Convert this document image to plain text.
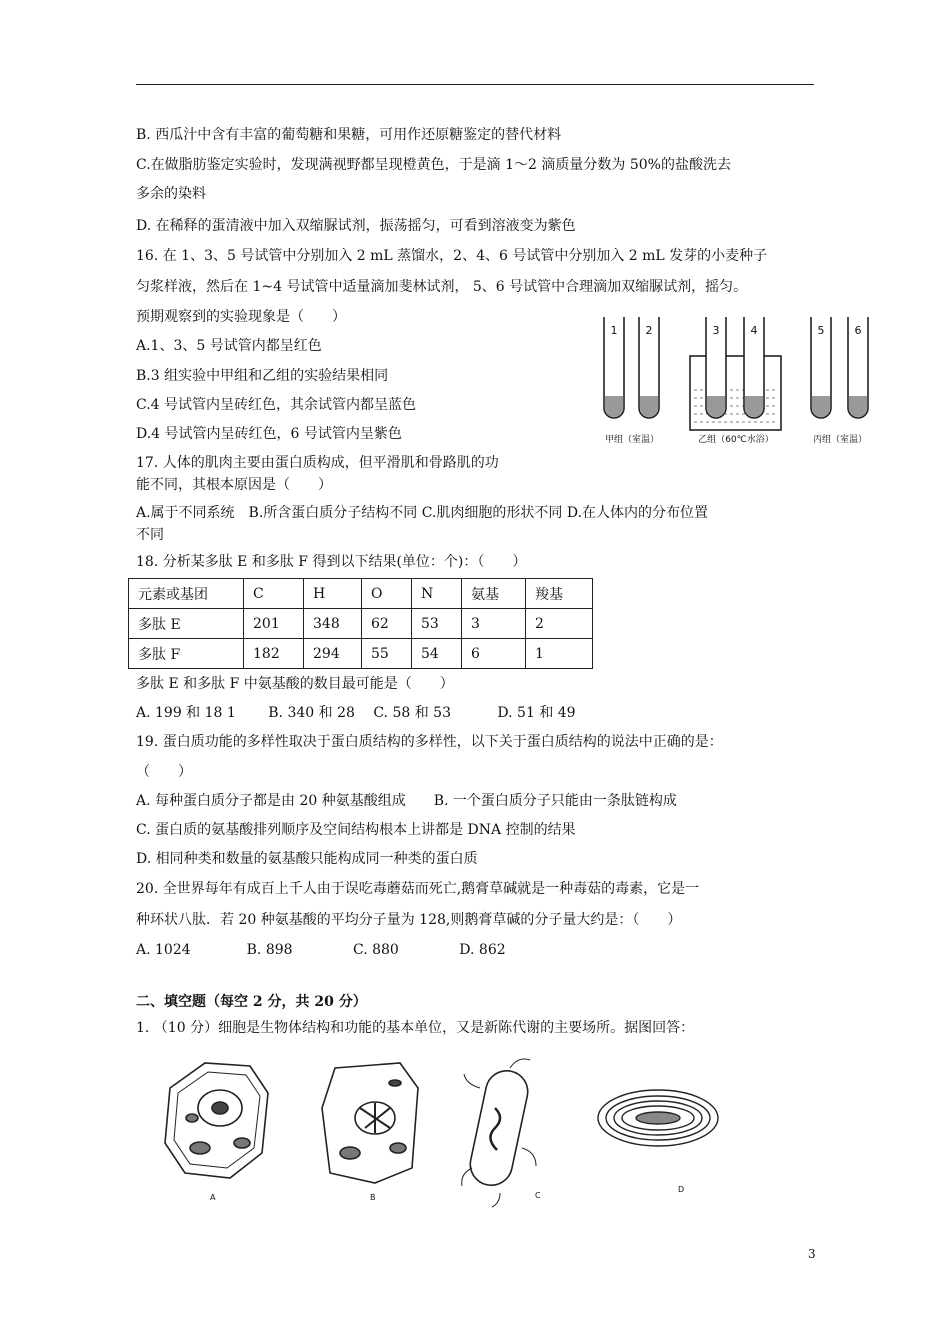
B. 西瓜汁中含有丰富的葡萄糖和果糖，可用作还原糖鉴定的替代材料
C.在做脂肪鉴定实验时，发现满视野都呈现橙黄色，于是滴 1～2 滴质量分数为 50%的盐酸洗去
多余的染料
D. 在稀释的蛋清液中加入双缩脲试剂，振荡摇匀，可看到溶液变为紫色
16. 在 1、3、5 号试管中分别加入 2 mL 蒸馏水，2、4、6 号试管中分别加入 2 mL 发芽的小麦种子
匀浆样液，然后在 1~4 号试管中适量滴加斐林试剂， 5、6 号试管中合理滴加双缩脲试剂，摇匀。
预期观察到的实验现象是（　　）
A.1、3、5 号试管内都呈红色
B.3 组实验中甲组和乙组的实验结果相同
C.4 号试管内呈砖红色，其余试管内都呈蓝色
D.4 号试管内呈砖红色，6 号试管内呈紫色
17. 人体的肌肉主要由蛋白质构成，但平滑肌和骨路肌的功
能不同，其根本原因是（　　）
A.属于不同系统　B.所含蛋白质分子结构不同 C.肌肉细胞的形状不同 D.在人体内的分布位置
不同
18. 分析某多肽 E 和多肽 F 得到以下结果(单位：个)：（　　）
元素或基团	C	H	O	N	氨基	羧基
多肽 E	201	348	62	53	3	2
多肽 F	182	294	55	54	6	1
多肽 E 和多肽 F 中氨基酸的数目最可能是（　　）
A. 199 和 18 1　　 B. 340 和 28　 C. 58 和 53　　　 D. 51 和 49
19. 蛋白质功能的多样性取决于蛋白质结构的多样性，以下关于蛋白质结构的说法中正确的是：
（　　）
A. 每种蛋白质分子都是由 20 种氨基酸组成　　B. 一个蛋白质分子只能由一条肽链构成
C. 蛋白质的氨基酸排列顺序及空间结构根本上讲都是 DNA 控制的结果
D. 相同种类和数量的氨基酸只能构成同一种类的蛋白质
20. 全世界每年有成百上千人由于误吃毒蘑菇而死亡,鹅膏草碱就是一种毒菇的毒素，它是一
种环状八肽．若 20 种氨基酸的平均分子量为 128,则鹅膏草碱的分子量大约是：（　　）
A. 1024　　　　B. 898　　　　 C. 880　　　　 D. 862
二、填空题（每空 2 分，共 20 分）
1. （10 分）细胞是生物体结构和功能的基本单位，又是新陈代谢的主要场所。据图回答：
1	2	3	4	5	6
甲组（室温）	乙组（60℃水浴）	丙组（室温）
A	B	C
D
3
